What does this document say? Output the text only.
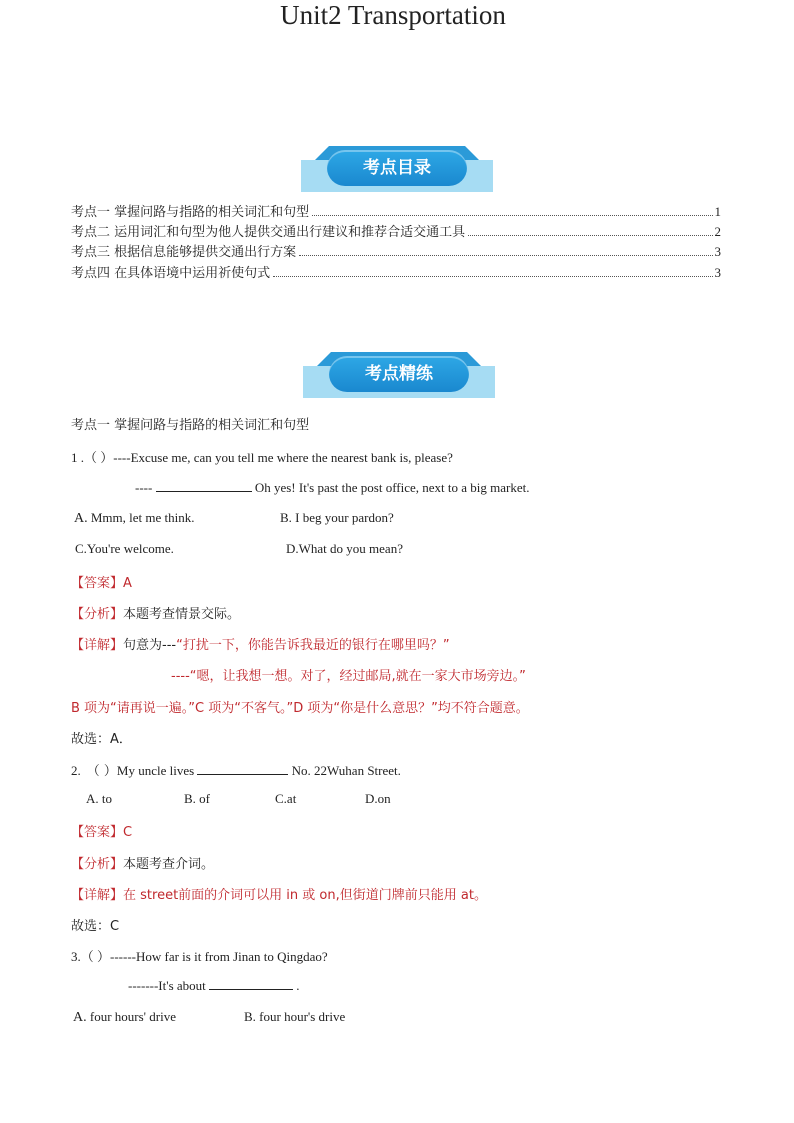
Unit2 Transportation
考点目录
考点一 掌握问路与指路的相关词汇和句型	1
考点二 运用词汇和句型为他人提供交通出行建议和推荐合适交通工具	2
考点三 根据信息能够提供交通出行方案	3
考点四 在具体语境中运用祈使句式	3
考点精练
考点一 掌握问路与指路的相关词汇和句型
1 .（ ）----Excuse me, can you tell me where the nearest bank is, please?
----	Oh yes! It's past the post office, next to a big market.
A. Mmm, let me think.	B. I beg your pardon?
C.You're welcome.	D.What do you mean?
【答案】A
【分析】本题考查情景交际。
【详解】句意为---“打扰一下，你能告诉我最近的银行在哪里吗？”
----“嗯，让我想一想。对了，经过邮局,就在一家大市场旁边。”
B 项为“请再说一遍。”C 项为“不客气。”D 项为“你是什么意思？”均不符合题意。
故选：A．
2. （ ）My uncle lives	No. 22Wuhan Street.
A. to	B. of	C.at	D.on
【答案】C
【分析】本题考查介词。
【详解】在 street前面的介词可以用 in 或 on,但街道门牌前只能用 at。
故选：C
3.（ ）------How far is it from Jinan to Qingdao?
-------It's about	.
A. four hours' drive	B. four hour's drive
